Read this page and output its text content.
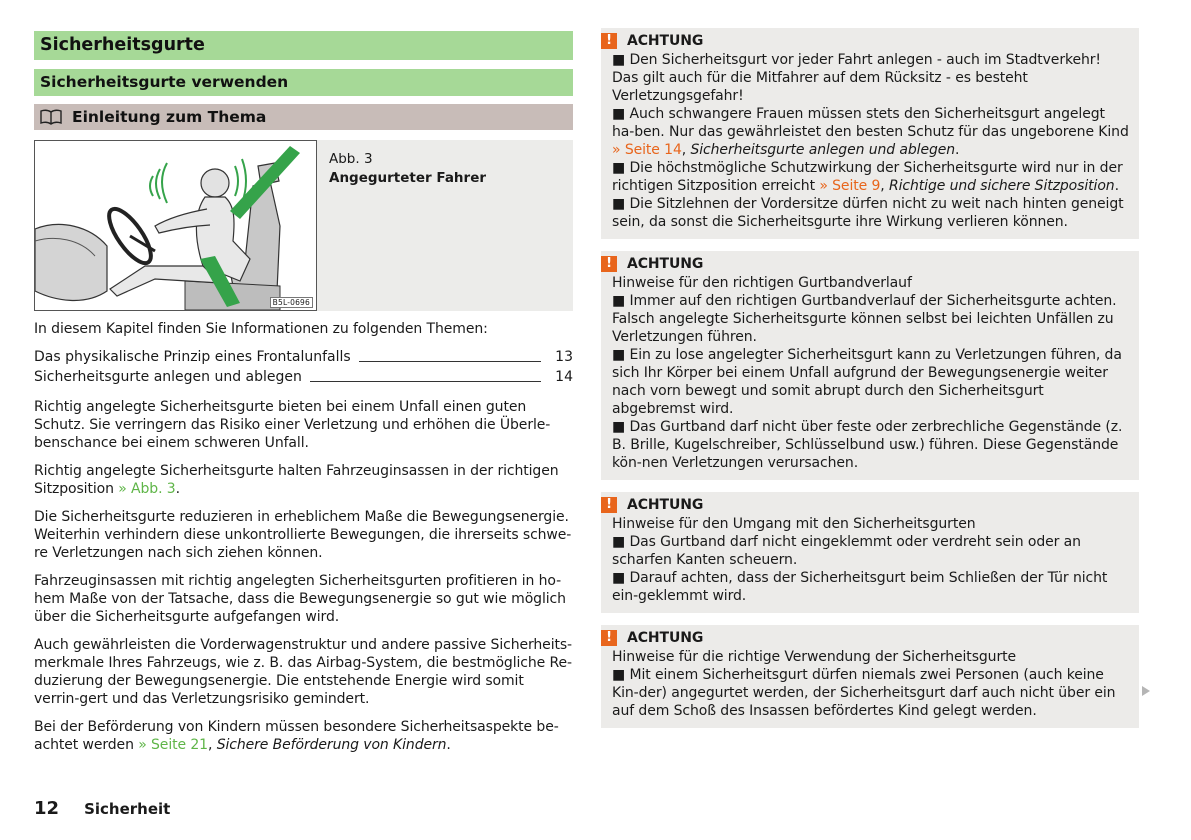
Sicherheitsgurte
Sicherheitsgurte verwenden
Einleitung zum Thema
B5L-0696
Abb. 3
Angegurteter Fahrer
In diesem Kapitel finden Sie Informationen zu folgenden Themen:
Das physikalische Prinzip eines Frontalunfalls	13
Sicherheitsgurte anlegen und ablegen	14
Richtig angelegte Sicherheitsgurte bieten bei einem Unfall einen guten Schutz. Sie verringern das Risiko einer Verletzung und erhöhen die Überle-benschance bei einem schweren Unfall.
Richtig angelegte Sicherheitsgurte halten Fahrzeuginsassen in der richtigen Sitzposition » Abb. 3.
Die Sicherheitsgurte reduzieren in erheblichem Maße die Bewegungsenergie. Weiterhin verhindern diese unkontrollierte Bewegungen, die ihrerseits schwe-re Verletzungen nach sich ziehen können.
Fahrzeuginsassen mit richtig angelegten Sicherheitsgurten profitieren in ho-hem Maße von der Tatsache, dass die Bewegungsenergie so gut wie möglich über die Sicherheitsgurte aufgefangen wird.
Auch gewährleisten die Vorderwagenstruktur und andere passive Sicherheits-merkmale Ihres Fahrzeugs, wie z. B. das Airbag-System, die bestmögliche Re-duzierung der Bewegungsenergie. Die entstehende Energie wird somit verrin-gert und das Verletzungsrisiko gemindert.
Bei der Beförderung von Kindern müssen besondere Sicherheitsaspekte be-achtet werden » Seite 21, Sichere Beförderung von Kindern.
!	ACHTUNG
■ Den Sicherheitsgurt vor jeder Fahrt anlegen - auch im Stadtverkehr! Das gilt auch für die Mitfahrer auf dem Rücksitz - es besteht Verletzungsgefahr!
■ Auch schwangere Frauen müssen stets den Sicherheitsgurt angelegt ha-ben. Nur das gewährleistet den besten Schutz für das ungeborene Kind » Seite 14, Sicherheitsgurte anlegen und ablegen.
■ Die höchstmögliche Schutzwirkung der Sicherheitsgurte wird nur in der richtigen Sitzposition erreicht » Seite 9, Richtige und sichere Sitzposition.
■ Die Sitzlehnen der Vordersitze dürfen nicht zu weit nach hinten geneigt sein, da sonst die Sicherheitsgurte ihre Wirkung verlieren können.
!	ACHTUNG
Hinweise für den richtigen Gurtbandverlauf
■ Immer auf den richtigen Gurtbandverlauf der Sicherheitsgurte achten. Falsch angelegte Sicherheitsgurte können selbst bei leichten Unfällen zu Verletzungen führen.
■ Ein zu lose angelegter Sicherheitsgurt kann zu Verletzungen führen, da sich Ihr Körper bei einem Unfall aufgrund der Bewegungsenergie weiter nach vorn bewegt und somit abrupt durch den Sicherheitsgurt abgebremst wird.
■ Das Gurtband darf nicht über feste oder zerbrechliche Gegenstände (z. B. Brille, Kugelschreiber, Schlüsselbund usw.) führen. Diese Gegenstände kön-nen Verletzungen verursachen.
!	ACHTUNG
Hinweise für den Umgang mit den Sicherheitsgurten
■ Das Gurtband darf nicht eingeklemmt oder verdreht sein oder an scharfen Kanten scheuern.
■ Darauf achten, dass der Sicherheitsgurt beim Schließen der Tür nicht ein-geklemmt wird.
!	ACHTUNG
Hinweise für die richtige Verwendung der Sicherheitsgurte
■ Mit einem Sicherheitsgurt dürfen niemals zwei Personen (auch keine Kin-der) angegurtet werden, der Sicherheitsgurt darf auch nicht über ein auf dem Schoß des Insassen befördertes Kind gelegt werden.
12 Sicherheit
